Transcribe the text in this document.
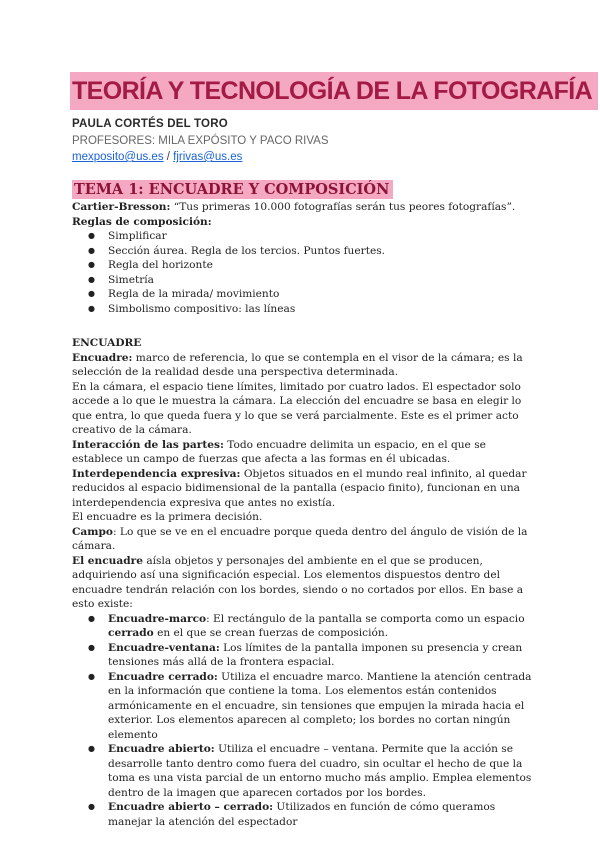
TEORÍA Y TECNOLOGÍA DE LA FOTOGRAFÍA
PAULA CORTÉS DEL TORO
PROFESORES: MILA EXPÓSITO Y PACO RIVAS
mexposito@us.es / fjrivas@us.es
TEMA 1: ENCUADRE Y COMPOSICIÓN

Cartier-Bresson: “Tus primeras 10.000 fotografías serán tus peores fotografías”.

Reglas de composición:

● Simplificar
● Sección áurea. Regla de los tercios. Puntos fuertes.
● Regla del horizonte
● Simetría
● Regla de la mirada/ movimiento
● Simbolismo compositivo: las líneas

ENCUADRE

Encuadre: marco de referencia, lo que se contempla en el visor de la cámara; es la selección de la realidad desde una perspectiva determinada.

En la cámara, el espacio tiene límites, limitado por cuatro lados. El espectador solo accede a lo que le muestra la cámara. La elección del encuadre se basa en elegir lo que entra, lo que queda fuera y lo que se verá parcialmente. Este es el primer acto creativo de la cámara.

Interacción de las partes: Todo encuadre delimita un espacio, en el que se establece un campo de fuerzas que afecta a las formas en él ubicadas.

Interdependencia expresiva: Objetos situados en el mundo real infinito, al quedar reducidos al espacio bidimensional de la pantalla (espacio finito), funcionan en una interdependencia expresiva que antes no existía.

El encuadre es la primera decisión.

Campo: Lo que se ve en el encuadre porque queda dentro del ángulo de visión de la cámara.

El encuadre aísla objetos y personajes del ambiente en el que se producen, adquiriendo así una significación especial. Los elementos dispuestos dentro del encuadre tendrán relación con los bordes, siendo o no cortados por ellos. En base a esto existe:

● Encuadre-marco: El rectángulo de la pantalla se comporta como un espacio cerrado en el que se crean fuerzas de composición.
● Encuadre-ventana: Los límites de la pantalla imponen su presencia y crean tensiones más allá de la frontera espacial.
● Encuadre cerrado: Utiliza el encuadre marco. Mantiene la atención centrada en la información que contiene la toma. Los elementos están contenidos armónicamente en el encuadre, sin tensiones que empujen la mirada hacia el exterior. Los elementos aparecen al completo; los bordes no cortan ningún elemento
● Encuadre abierto: Utiliza el encuadre – ventana. Permite que la acción se desarrolle tanto dentro como fuera del cuadro, sin ocultar el hecho de que la toma es una vista parcial de un entorno mucho más amplio. Emplea elementos dentro de la imagen que aparecen cortados por los bordes.
● Encuadre abierto – cerrado: Utilizados en función de cómo queramos manejar la atención del espectador
